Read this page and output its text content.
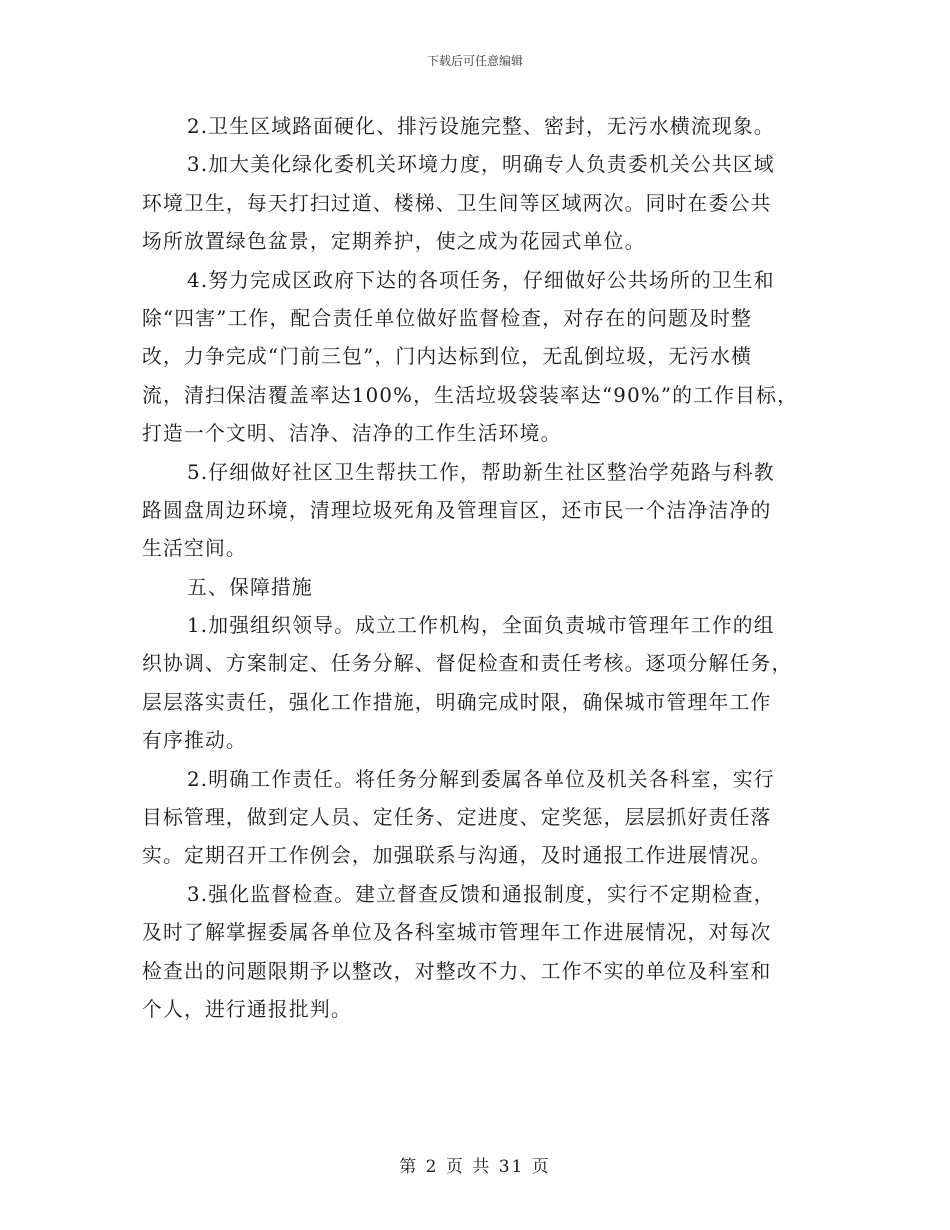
下载后可任意编辑
2.卫生区域路面硬化、排污设施完整、密封，无污水横流现象。
3.加大美化绿化委机关环境力度，明确专人负责委机关公共区域
环境卫生，每天打扫过道、楼梯、卫生间等区域两次。同时在委公共
场所放置绿色盆景，定期养护，使之成为花园式单位。
4.努力完成区政府下达的各项任务，仔细做好公共场所的卫生和
除“四害”工作，配合责任单位做好监督检查，对存在的问题及时整
改，力争完成“门前三包”，门内达标到位，无乱倒垃圾，无污水横
流，清扫保洁覆盖率达100%，生活垃圾袋装率达“90%”的工作目标，
打造一个文明、洁净、洁净的工作生活环境。
5.仔细做好社区卫生帮扶工作，帮助新生社区整治学苑路与科教
路圆盘周边环境，清理垃圾死角及管理盲区，还市民一个洁净洁净的
生活空间。
五、保障措施
1.加强组织领导。成立工作机构，全面负责城市管理年工作的组
织协调、方案制定、任务分解、督促检查和责任考核。逐项分解任务，
层层落实责任，强化工作措施，明确完成时限，确保城市管理年工作
有序推动。
2.明确工作责任。将任务分解到委属各单位及机关各科室，实行
目标管理，做到定人员、定任务、定进度、定奖惩，层层抓好责任落
实。定期召开工作例会，加强联系与沟通，及时通报工作进展情况。
3.强化监督检查。建立督查反馈和通报制度，实行不定期检查，
及时了解掌握委属各单位及各科室城市管理年工作进展情况，对每次
检查出的问题限期予以整改，对整改不力、工作不实的单位及科室和
个人，进行通报批判。
第 2 页 共 31 页
